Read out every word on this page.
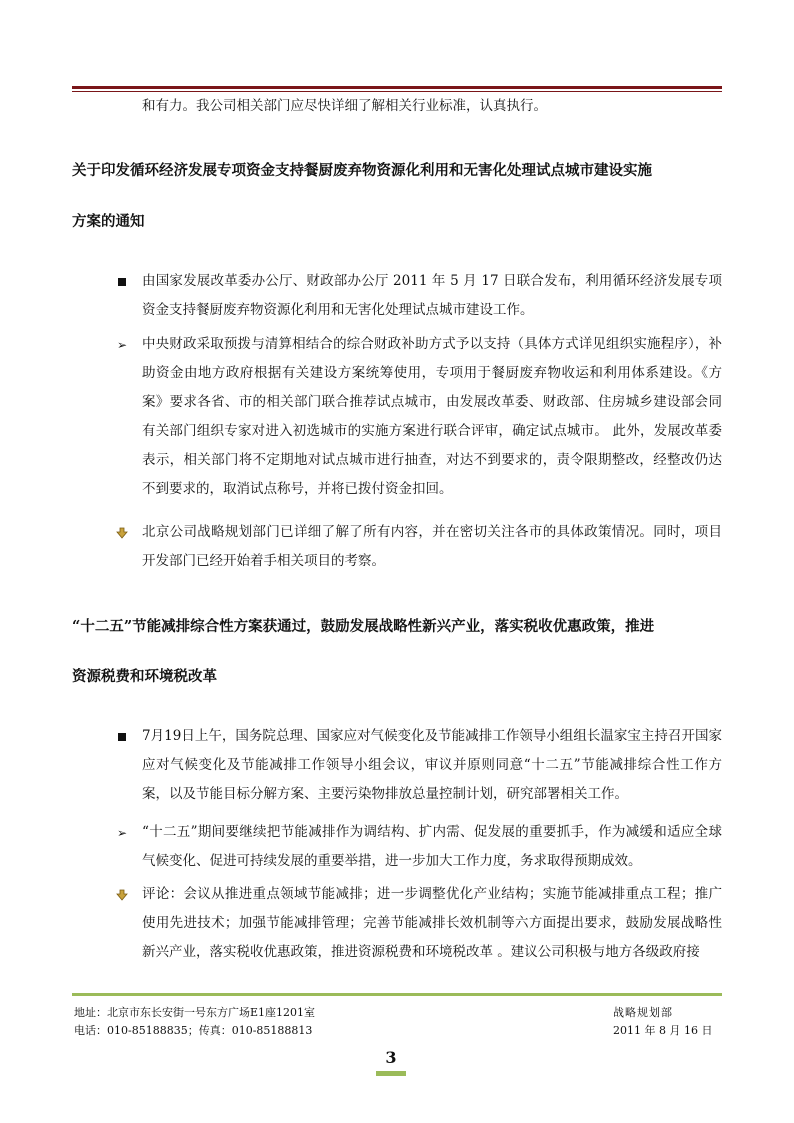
和有力。我公司相关部门应尽快详细了解相关行业标准，认真执行。

关于印发循环经济发展专项资金支持餐厨废弃物资源化利用和无害化处理试点城市建设实施

方案的通知

由国家发展改革委办公厅、财政部办公厅 2011 年 5 月 17 日联合发布，利用循环经济发展专项资金支持餐厨废弃物资源化利用和无害化处理试点城市建设工作。
➢ 中央财政采取预拨与清算相结合的综合财政补助方式予以支持（具体方式详见组织实施程序），补助资金由地方政府根据有关建设方案统筹使用，专项用于餐厨废弃物收运和利用体系建设。《方案》要求各省、市的相关部门联合推荐试点城市，由发展改革委、财政部、住房城乡建设部会同有关部门组织专家对进入初选城市的实施方案进行联合评审，确定试点城市。 此外，发展改革委表示，相关部门将不定期地对试点城市进行抽查，对达不到要求的，责令限期整改，经整改仍达不到要求的，取消试点称号，并将已拨付资金扣回。
北京公司战略规划部门已详细了解了所有内容，并在密切关注各市的具体政策情况。同时，项目开发部门已经开始着手相关项目的考察。

“十二五”节能减排综合性方案获通过，鼓励发展战略性新兴产业，落实税收优惠政策，推进

资源税费和环境税改革

7月19日上午，国务院总理、国家应对气候变化及节能减排工作领导小组组长温家宝主持召开国家应对气候变化及节能减排工作领导小组会议，审议并原则同意“十二五”节能减排综合性工作方案，以及节能目标分解方案、主要污染物排放总量控制计划，研究部署相关工作。
➢ “十二五”期间要继续把节能减排作为调结构、扩内需、促发展的重要抓手，作为减缓和适应全球气候变化、促进可持续发展的重要举措，进一步加大工作力度，务求取得预期成效。
评论：会议从推进重点领域节能减排；进一步调整优化产业结构；实施节能减排重点工程；推广使用先进技术；加强节能减排管理；完善节能减排长效机制等六方面提出要求，鼓励发展战略性新兴产业，落实税收优惠政策，推进资源税费和环境税改革 。建议公司积极与地方各级政府接
地址：北京市东长安街一号东方广场E1座1201室
电话：010-85188835；传真：010-85188813
战略规划部
2011 年 8 月 16 日
3
